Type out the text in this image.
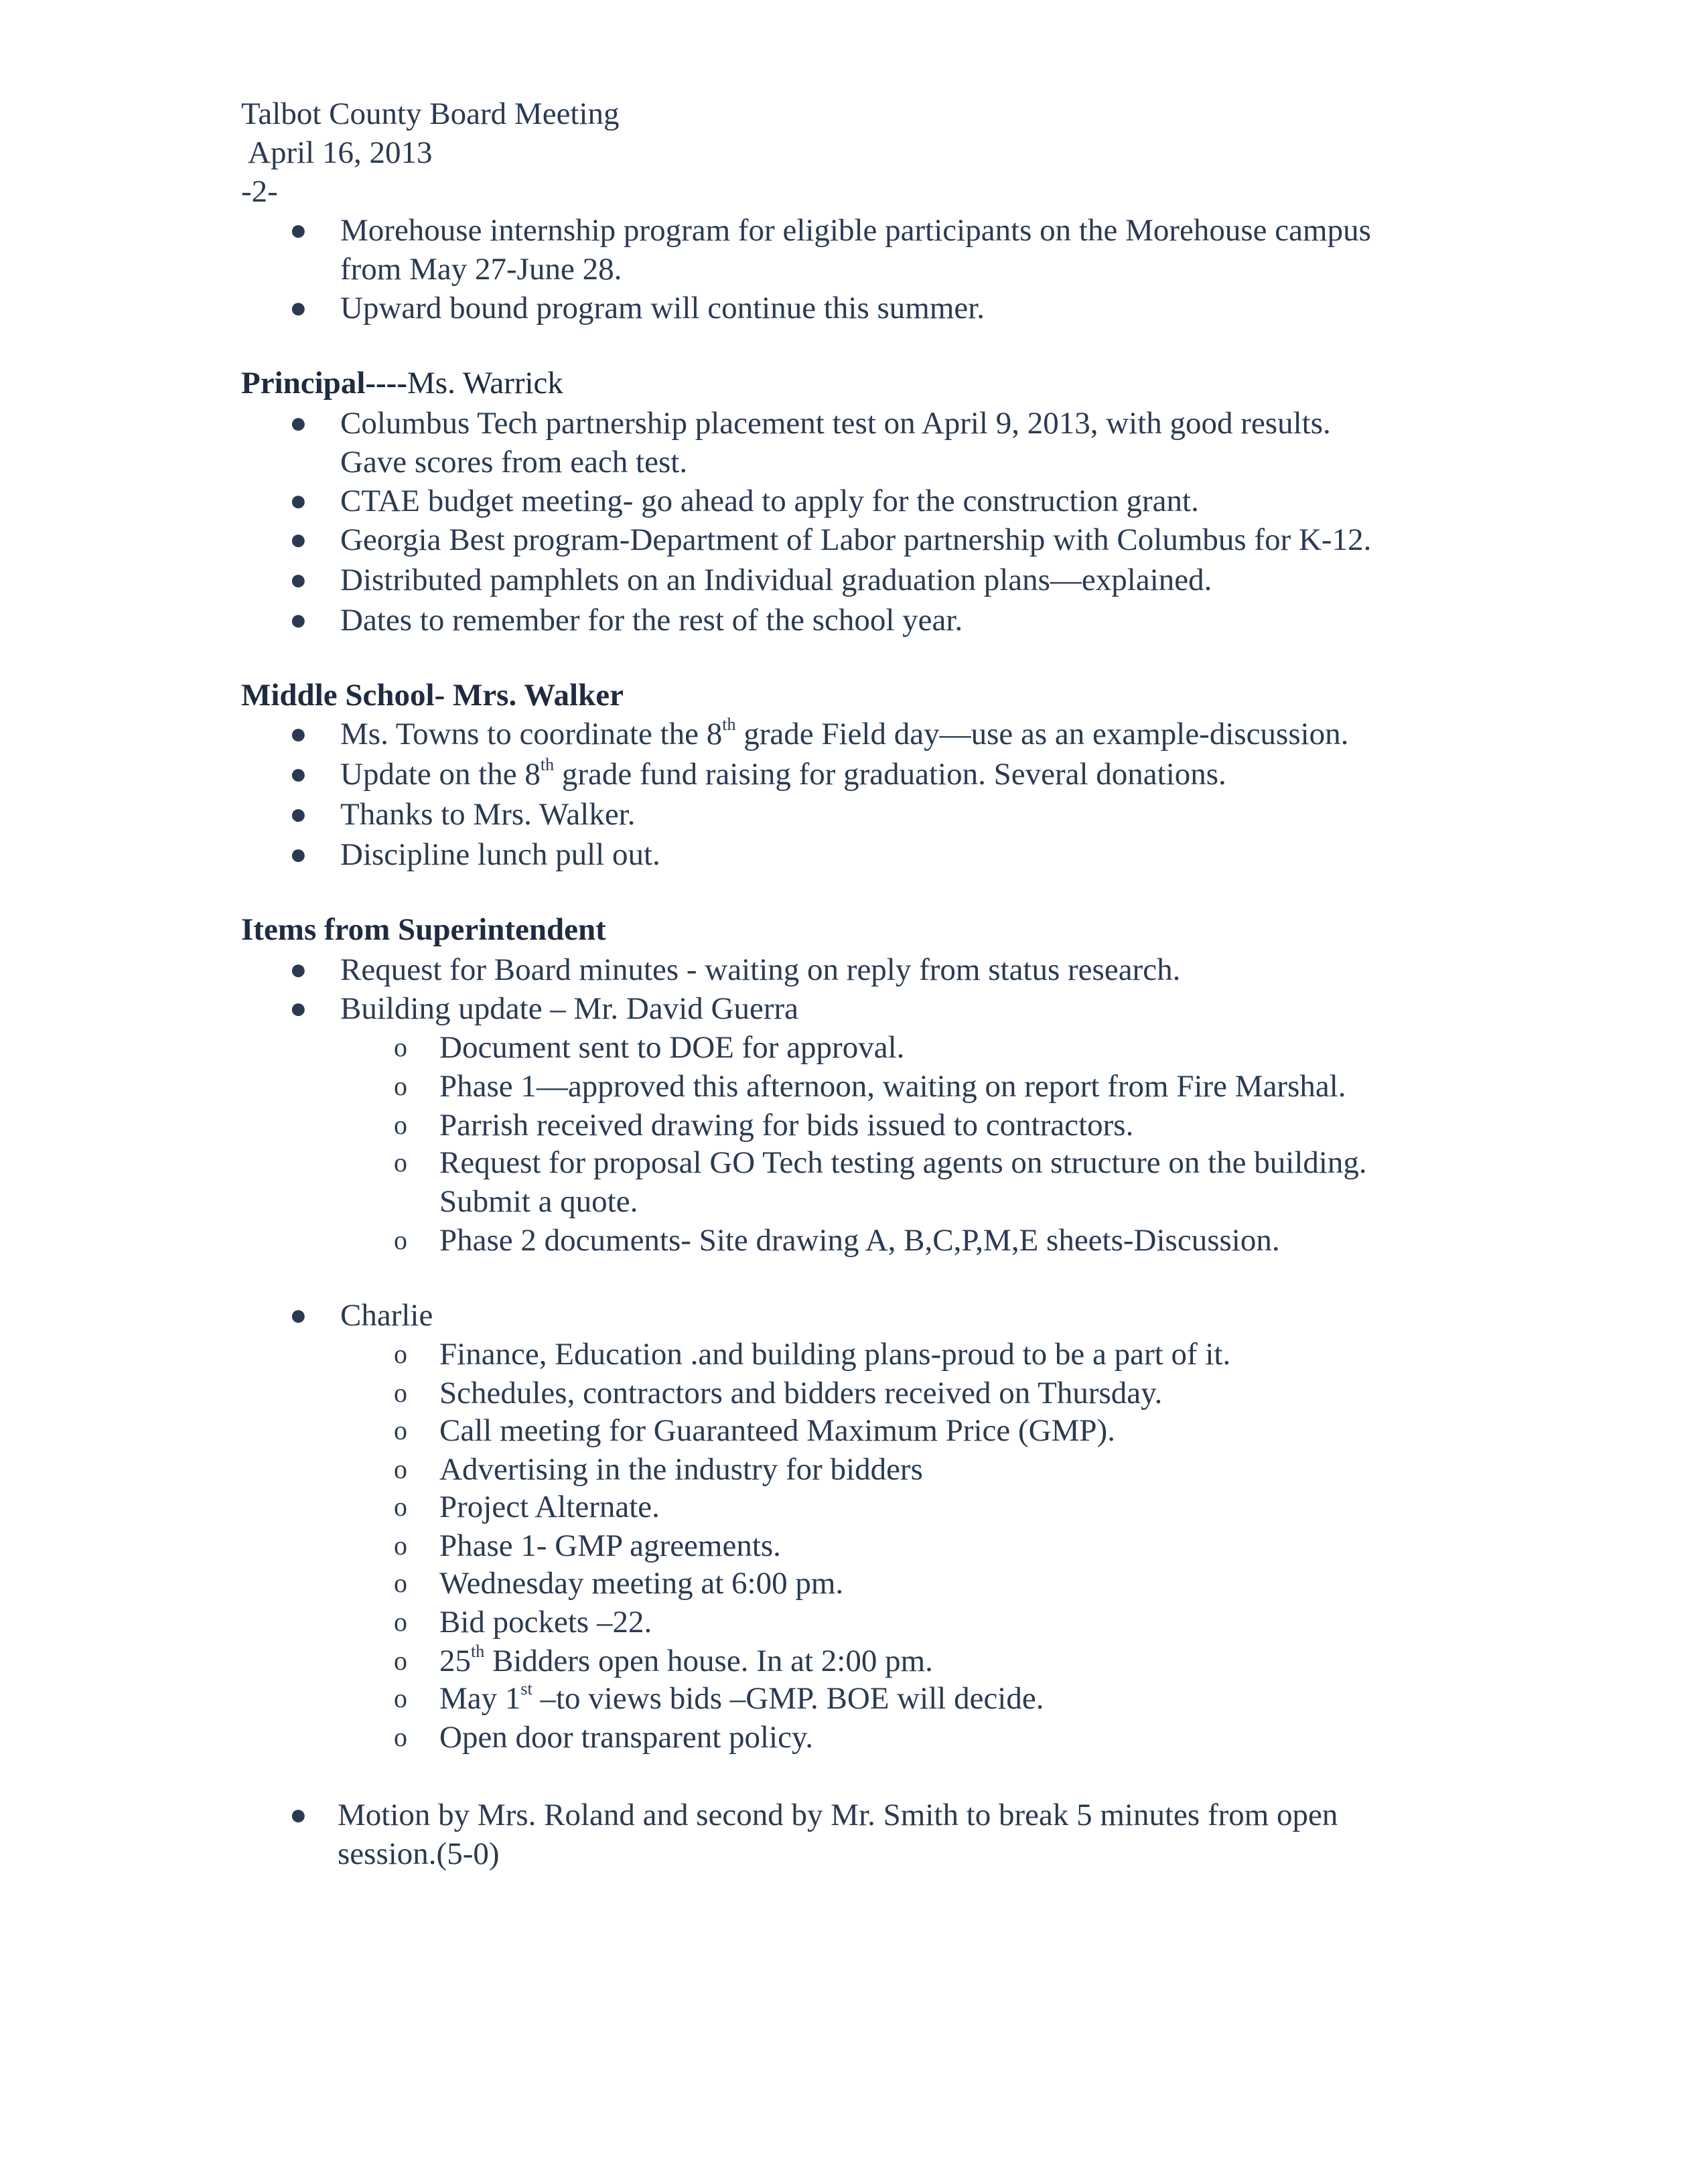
Talbot County Board Meeting
April 16, 2013
-2-
● Morehouse internship program for eligible participants on the Morehouse campus
from May 27-June 28.
● Upward bound program will continue this summer.
Principal----Ms. Warrick
● Columbus Tech partnership placement test on April 9, 2013, with good results.
Gave scores from each test.
● CTAE budget meeting- go ahead to apply for the construction grant.
● Georgia Best program-Department of Labor partnership with Columbus for K-12.
● Distributed pamphlets on an Individual graduation plans—explained.
● Dates to remember for the rest of the school year.
Middle School- Mrs. Walker
● Ms. Towns to coordinate the 8th grade Field day—use as an example-discussion.
● Update on the 8th grade fund raising for graduation. Several donations.
● Thanks to Mrs. Walker.
● Discipline lunch pull out.
Items from Superintendent
● Request for Board minutes - waiting on reply from status research.
● Building update – Mr. David Guerra
o Document sent to DOE for approval.
o Phase 1—approved this afternoon, waiting on report from Fire Marshal.
o Parrish received drawing for bids issued to contractors.
o Request for proposal GO Tech testing agents on structure on the building.
Submit a quote.
o Phase 2 documents- Site drawing A, B,C,P,M,E sheets-Discussion.
● Charlie
o Finance, Education .and building plans-proud to be a part of it.
o Schedules, contractors and bidders received on Thursday.
o Call meeting for Guaranteed Maximum Price (GMP).
o Advertising in the industry for bidders
o Project Alternate.
o Phase 1- GMP agreements.
o Wednesday meeting at 6:00 pm.
o Bid pockets –22.
o 25th Bidders open house. In at 2:00 pm.
o May 1st –to views bids –GMP. BOE will decide.
o Open door transparent policy.
● Motion by Mrs. Roland and second by Mr. Smith to break 5 minutes from open
session.(5-0)
